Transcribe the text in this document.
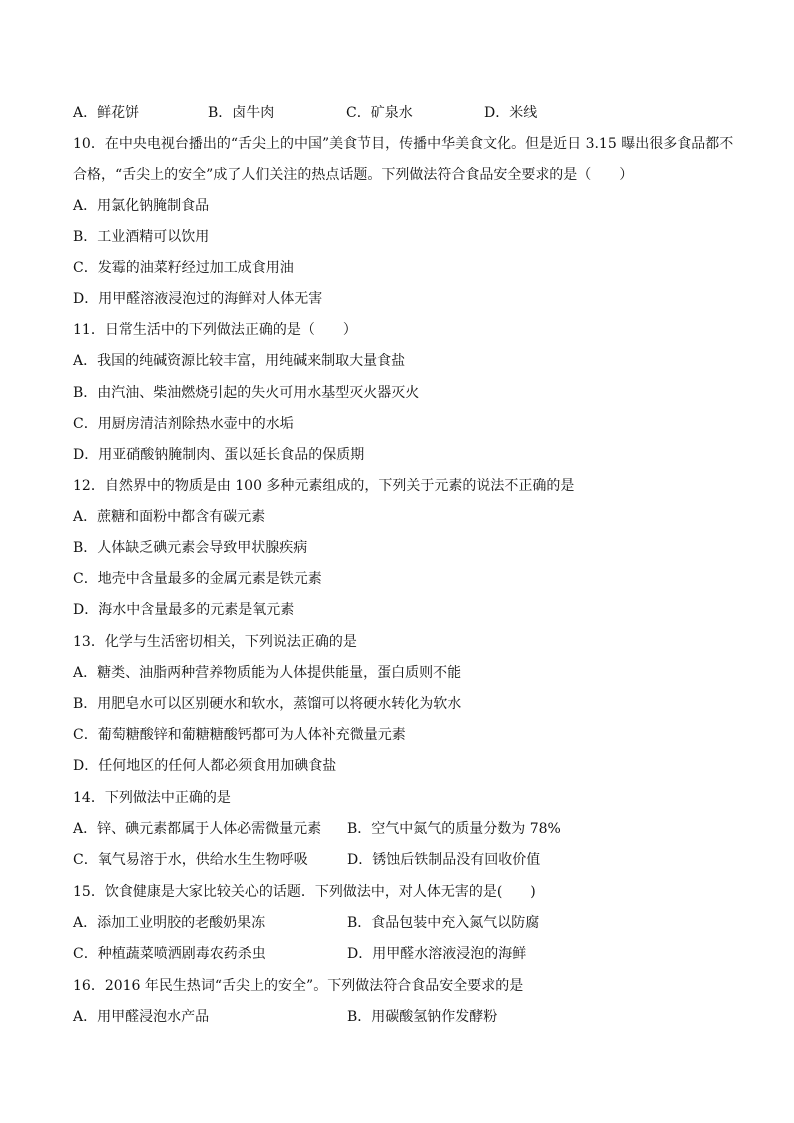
A．鲜花饼	B．卤牛肉	C．矿泉水	D．米线
10．在中央电视台播出的“舌尖上的中国”美食节目，传播中华美食文化。但是近日 3.15 曝出很多食品都不
合格，“舌尖上的安全”成了人们关注的热点话题。下列做法符合食品安全要求的是（　　）
A．用氯化钠腌制食品
B．工业酒精可以饮用
C．发霉的油菜籽经过加工成食用油
D．用甲醛溶液浸泡过的海鲜对人体无害
11．日常生活中的下列做法正确的是（　　）
A．我国的纯碱资源比较丰富，用纯碱来制取大量食盐
B．由汽油、柴油燃烧引起的失火可用水基型灭火器灭火
C．用厨房清洁剂除热水壶中的水垢
D．用亚硝酸钠腌制肉、蛋以延长食品的保质期
12．自然界中的物质是由 100 多种元素组成的，下列关于元素的说法不正确的是
A．蔗糖和面粉中都含有碳元素
B．人体缺乏碘元素会导致甲状腺疾病
C．地壳中含量最多的金属元素是铁元素
D．海水中含量最多的元素是氧元素
13．化学与生活密切相关，下列说法正确的是
A．糖类、油脂两种营养物质能为人体提供能量，蛋白质则不能
B．用肥皂水可以区别硬水和软水，蒸馏可以将硬水转化为软水
C．葡萄糖酸锌和葡糖糖酸钙都可为人体补充微量元素
D．任何地区的任何人都必须食用加碘食盐
14．下列做法中正确的是
A．锌、碘元素都属于人体必需微量元素 B．空气中氮气的质量分数为 78%
C．氧气易溶于水，供给水生生物呼吸	D．锈蚀后铁制品没有回收价值
15．饮食健康是大家比较关心的话题．下列做法中，对人体无害的是(　　)
A．添加工业明胶的老酸奶果冻	B．食品包装中充入氮气以防腐
C．种植蔬菜喷洒剧毒农药杀虫	D．用甲醛水溶液浸泡的海鲜
16．2016 年民生热词“舌尖上的安全”。下列做法符合食品安全要求的是
A．用甲醛浸泡水产品	B．用碳酸氢钠作发酵粉
